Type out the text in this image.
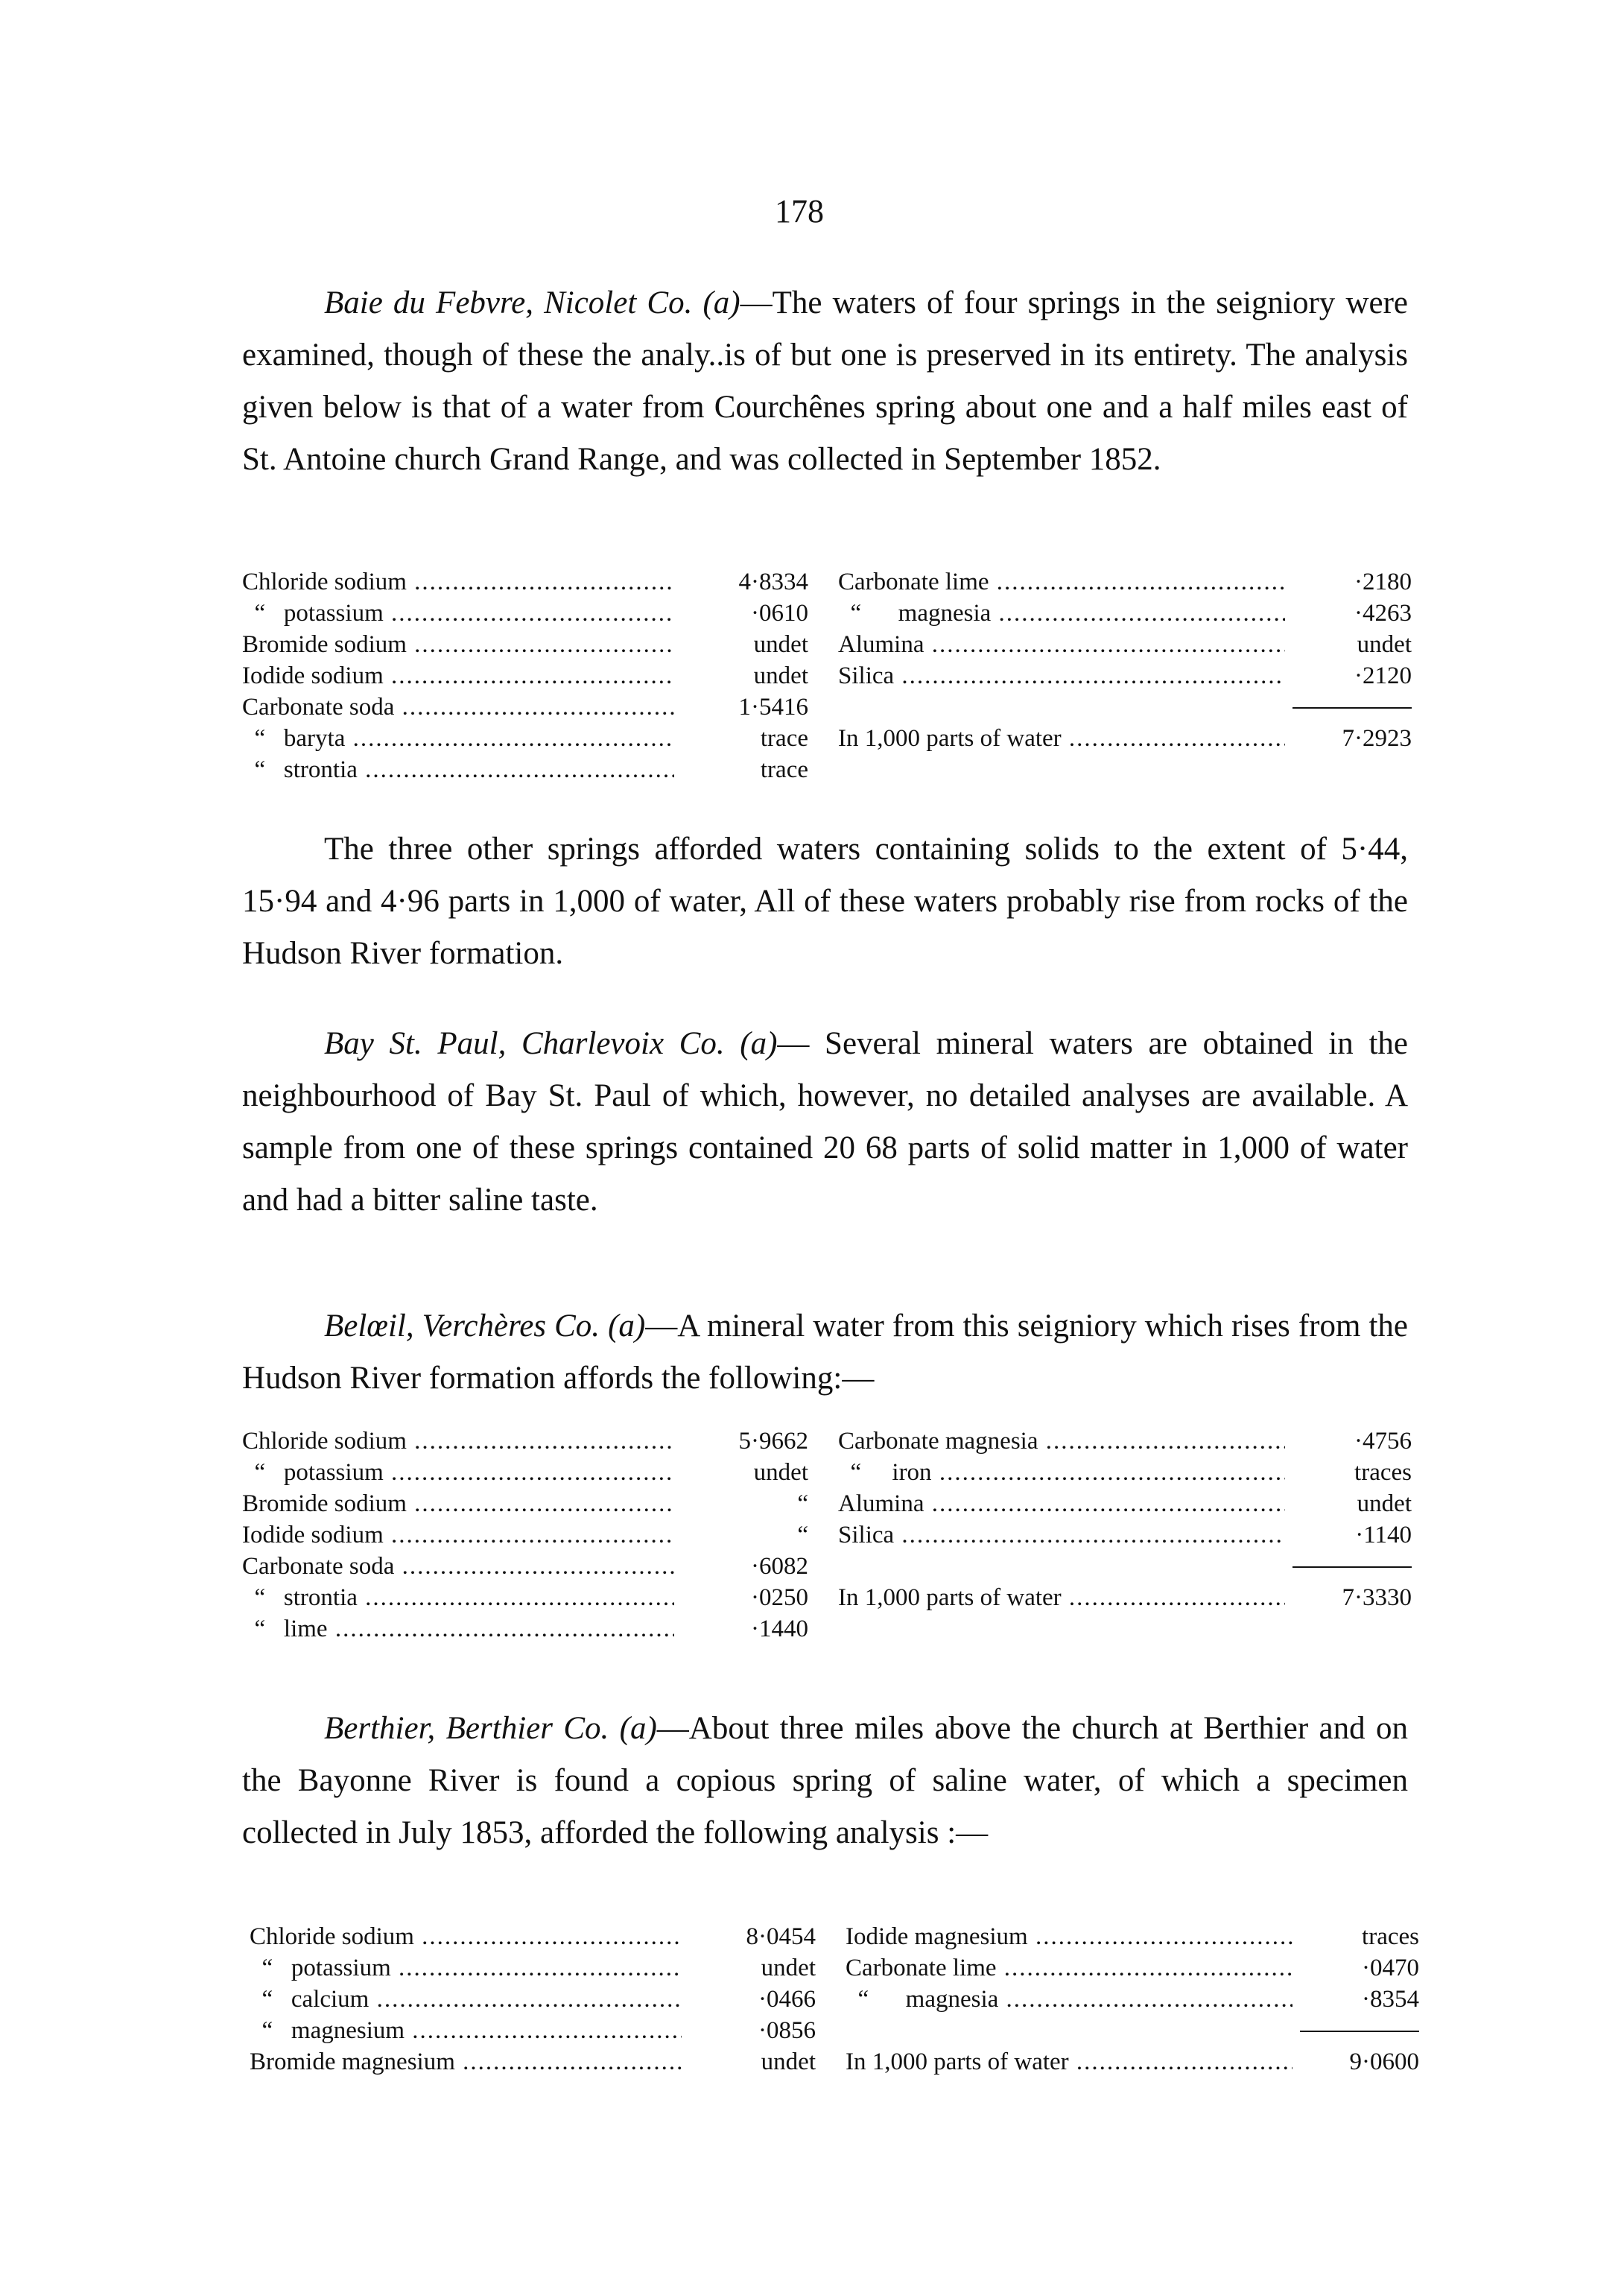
178

Baie du Febvre, Nicolet Co. (a)—The waters of four springs in the seigniory were examined, though of these the analy..is of but one is preserved in its entirety. The analysis given below is that of a water from Courchênes spring about one and a half miles east of St. Antoine church Grand Range, and was collected in September 1852.

Chloride sodium .....	4·8334
“   potassium .....	·0610
Bromide sodium .....	undet
Iodide sodium .....	undet
Carbonate soda .....	1·5416
“   baryta .....	trace
“   strontia .....	trace
Carbonate lime .....	·2180
“      magnesia .....	·4263
Alumina .....	undet
Silica .....	·2120
In 1,000 parts of water .....	7·2923

The three other springs afforded waters containing solids to the extent of 5·44, 15·94 and 4·96 parts in 1,000 of water, All of these waters probably rise from rocks of the Hudson River formation.

Bay St. Paul, Charlevoix Co. (a)— Several mineral waters are obtained in the neighbourhood of Bay St. Paul of which, however, no detailed analyses are available. A sample from one of these springs contained 20 68 parts of solid matter in 1,000 of water and had a bitter saline taste.

Belœil, Verchères Co. (a)—A mineral water from this seigniory which rises from the Hudson River formation affords the following:—

Chloride sodium .....	5·9662
“   potassium .....	undet
Bromide sodium .....	“
Iodide sodium .....	“
Carbonate soda .....	·6082
“   strontia .....	·0250
“   lime .....	·1440
Carbonate magnesia .....	·4756
“     iron .....	traces
Alumina .....	undet
Silica .....	·1140
In 1,000 parts of water .....	7·3330

Berthier, Berthier Co. (a)—About three miles above the church at Berthier and on the Bayonne River is found a copious spring of saline water, of which a specimen collected in July 1853, afforded the following analysis :—

Chloride sodium .....	8·0454
“   potassium .....	undet
“   calcium .....	·0466
“   magnesium .....	·0856
Bromide magnesium .....	undet
Iodide magnesium .....	traces
Carbonate lime .....	·0470
“      magnesia .....	·8354
In 1,000 parts of water .....	9·0600
